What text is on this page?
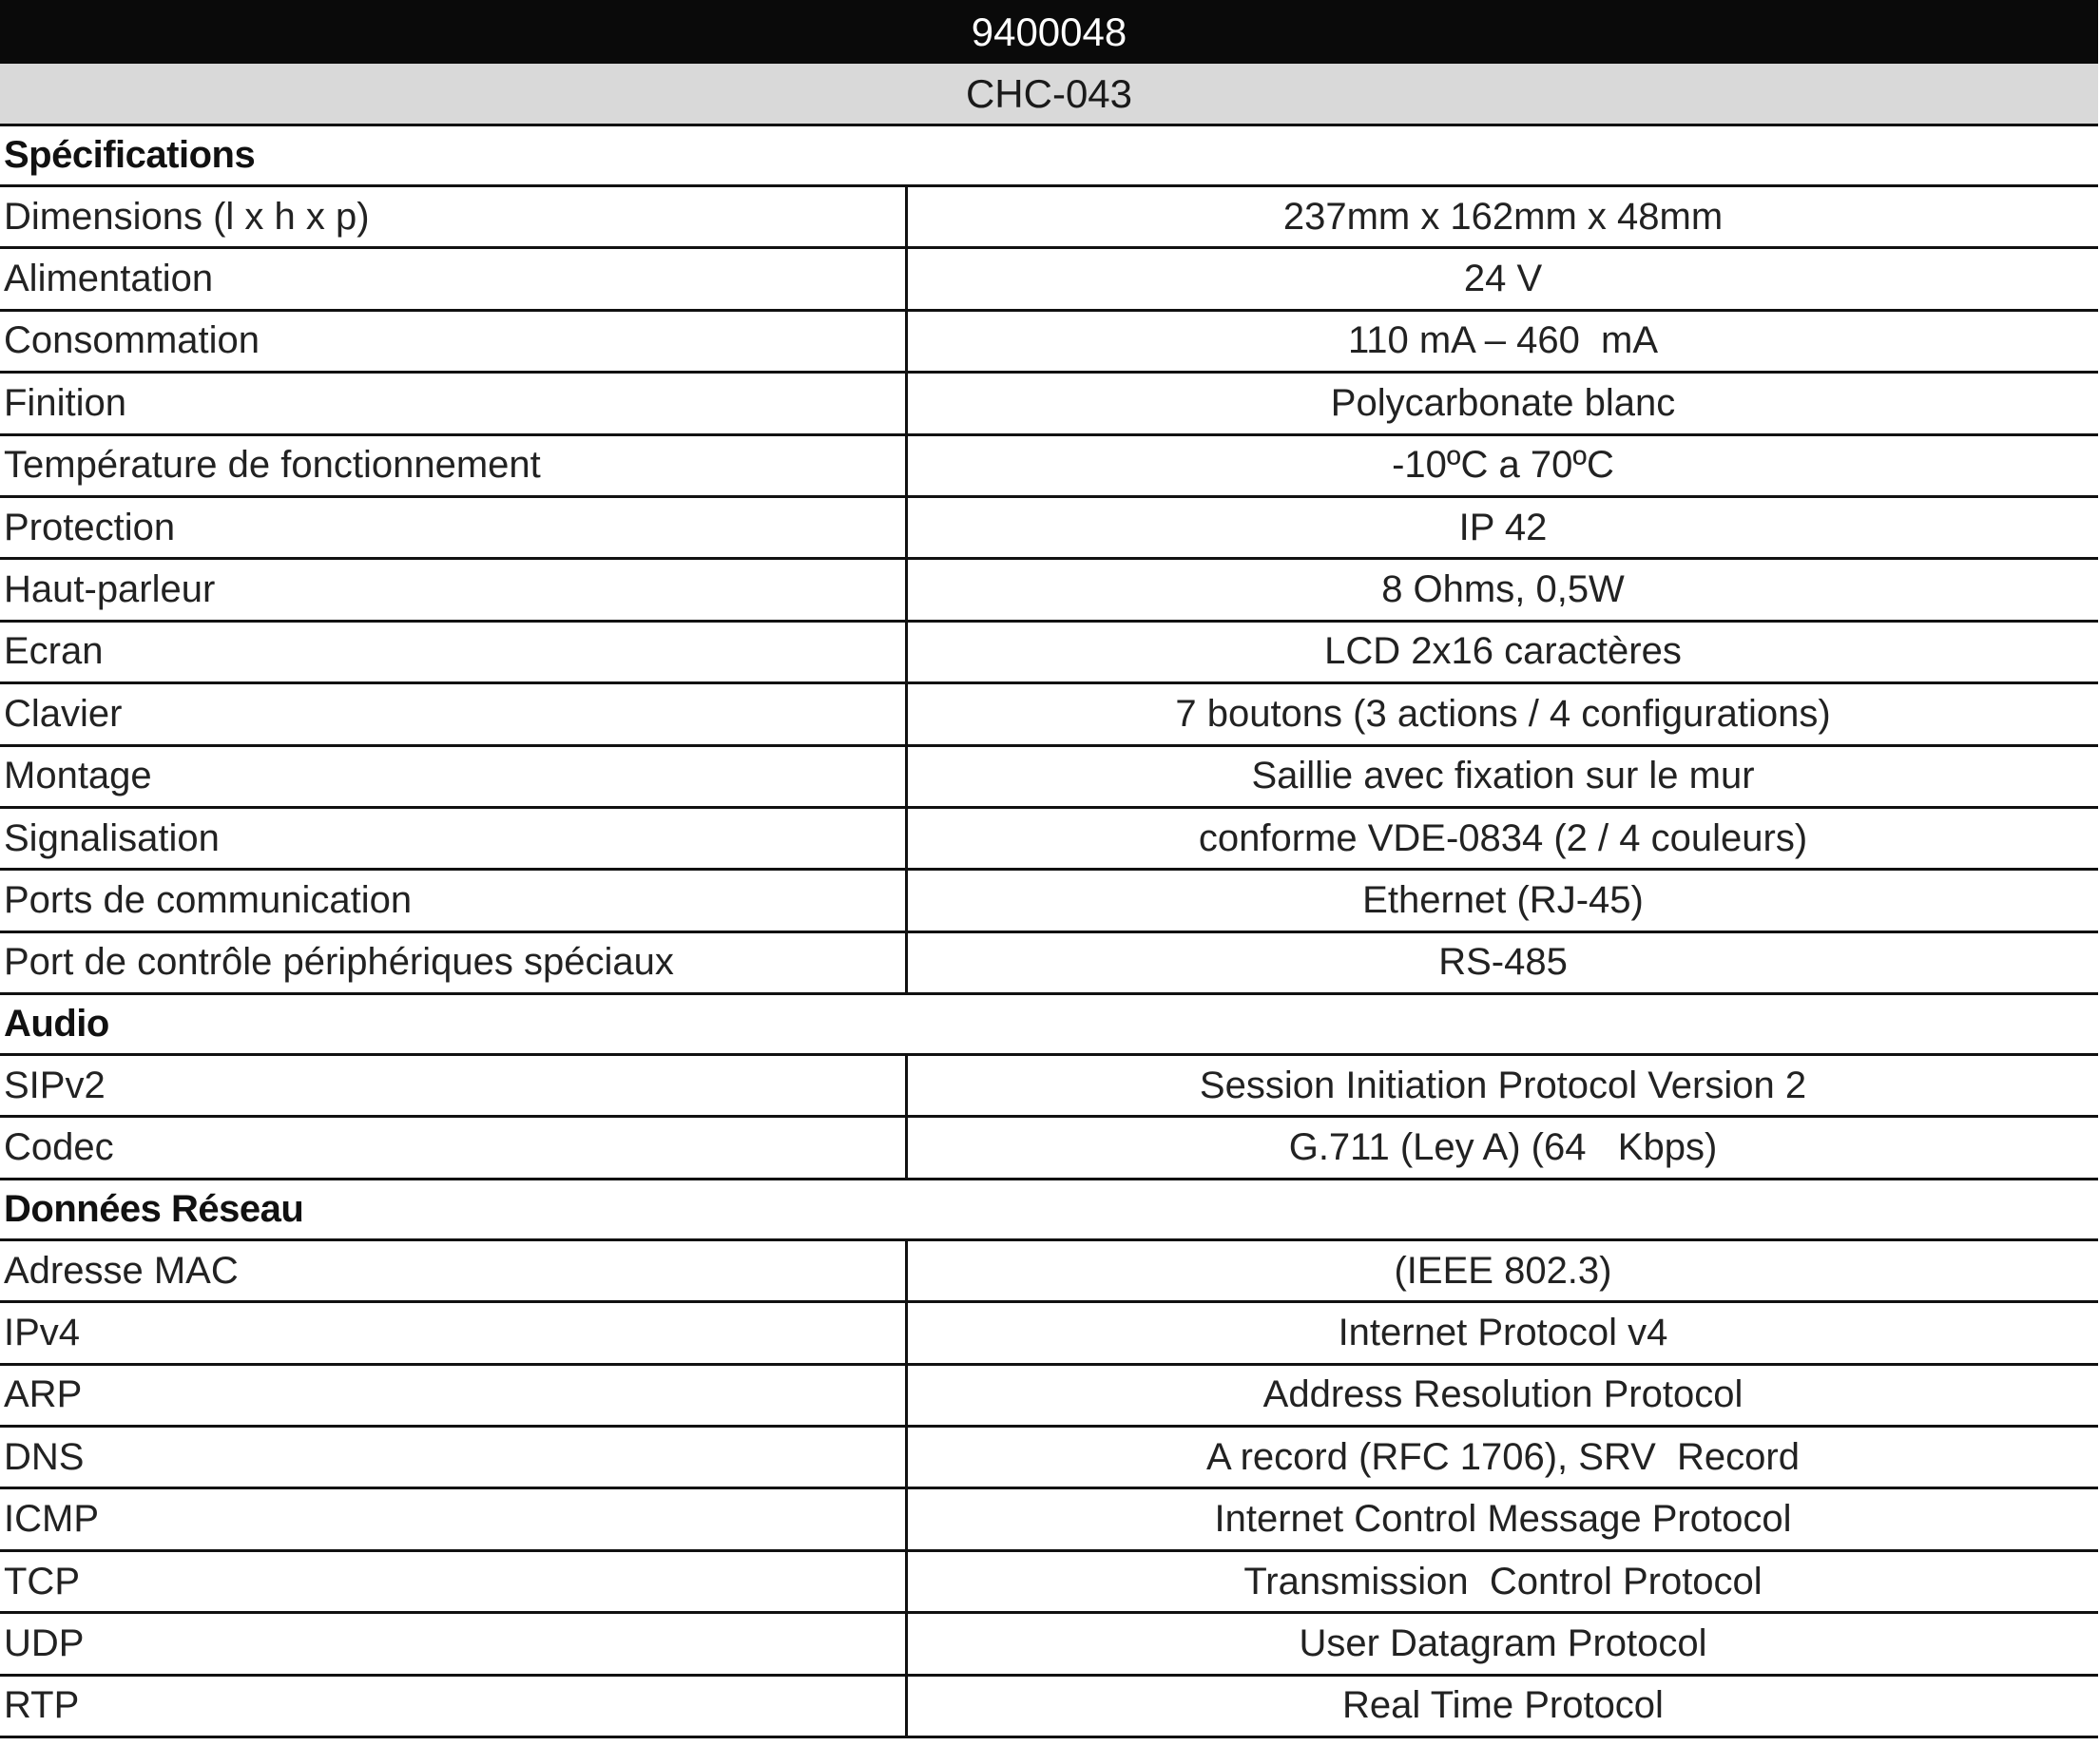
9400048
CHC-043
Spécifications
Dimensions (l x h x p)	237mm x 162mm x 48mm
Alimentation	24 V
Consommation	110 mA – 460  mA
Finition	Polycarbonate blanc
Température de fonctionnement	-10ºC a 70ºC
Protection	IP 42
Haut-parleur	8 Ohms, 0,5W
Ecran	LCD 2x16 caractères
Clavier	7 boutons (3 actions / 4 configurations)
Montage	Saillie avec fixation sur le mur
Signalisation	conforme VDE-0834 (2 / 4 couleurs)
Ports de communication	Ethernet (RJ-45)
Port de contrôle périphériques spéciaux	RS-485
Audio
SIPv2	Session Initiation Protocol Version 2
Codec	G.711 (Ley A) (64   Kbps)
Données Réseau
Adresse MAC	(IEEE 802.3)
IPv4	Internet Protocol v4
ARP	Address Resolution Protocol
DNS	A record (RFC 1706), SRV  Record
ICMP	Internet Control Message Protocol
TCP	Transmission  Control Protocol
UDP	User Datagram Protocol
RTP	Real Time Protocol
